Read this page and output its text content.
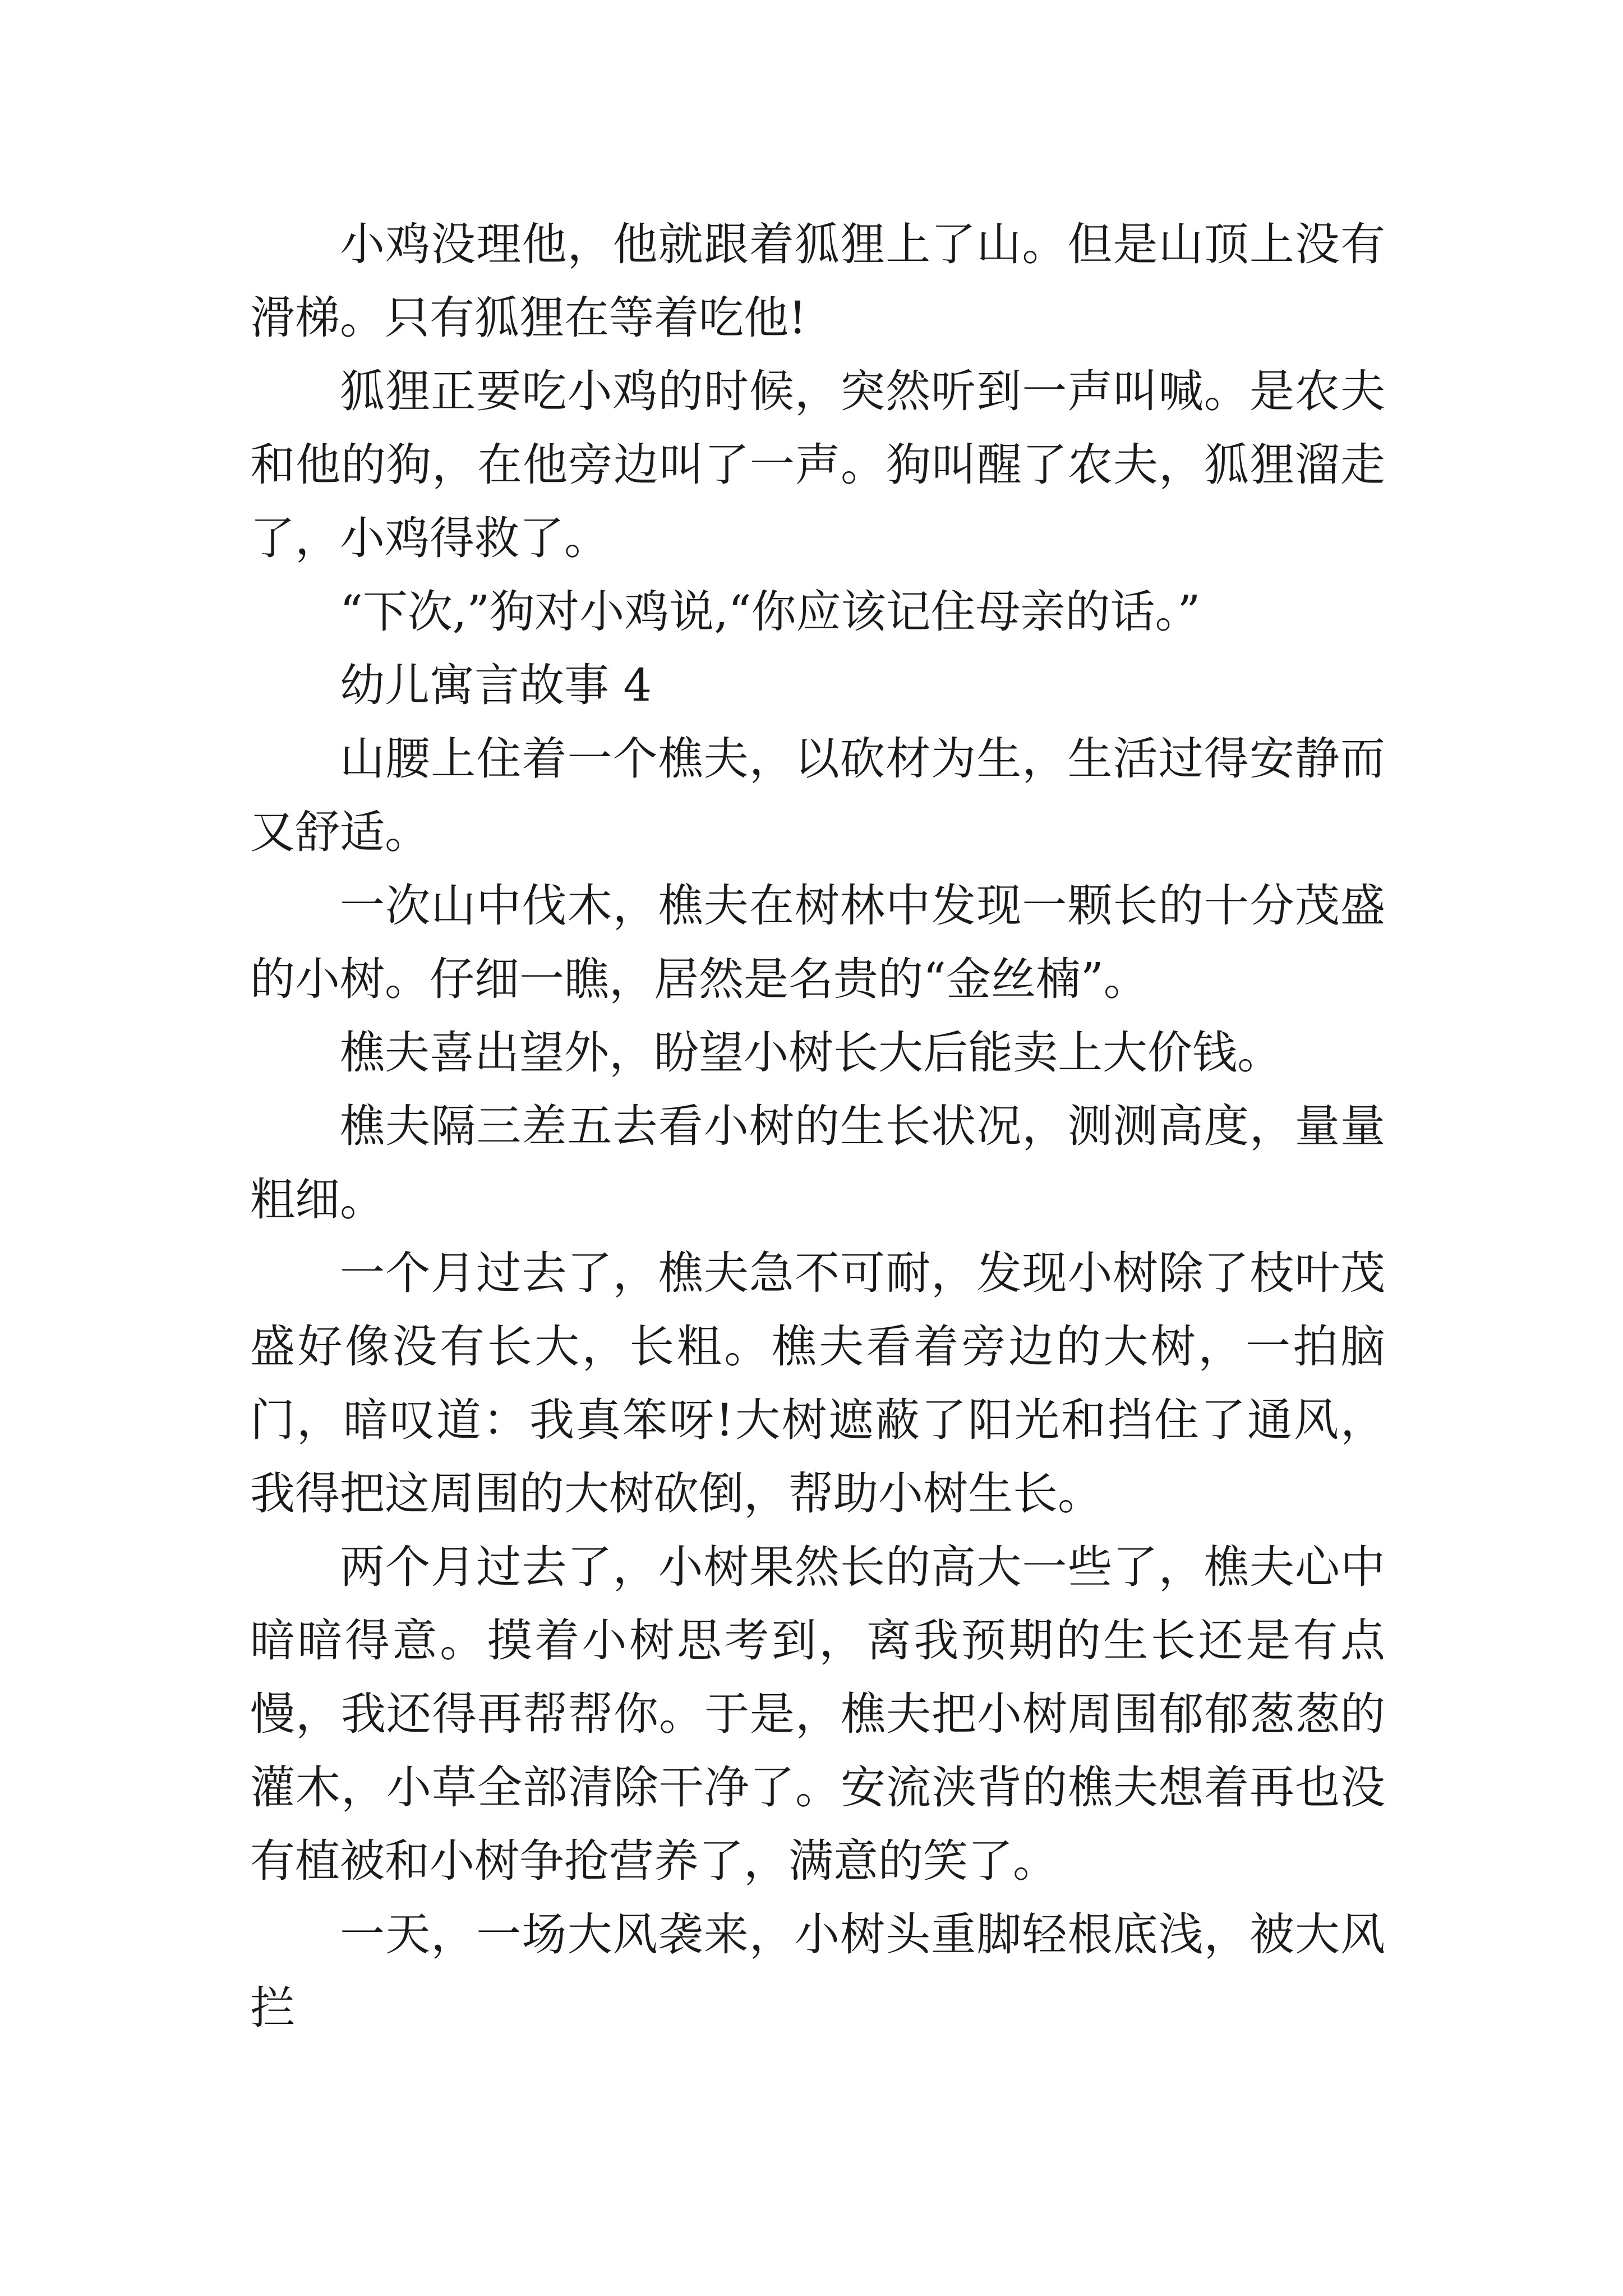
小鸡没理他，他就跟着狐狸上了山。但是山顶上没有滑梯。只有狐狸在等着吃他!

狐狸正要吃小鸡的时候，突然听到一声叫喊。是农夫和他的狗，在他旁边叫了一声。狗叫醒了农夫，狐狸溜走了，小鸡得救了。

“下次,”狗对小鸡说,“你应该记住母亲的话。”

幼儿寓言故事 4

山腰上住着一个樵夫，以砍材为生，生活过得安静而又舒适。

一次山中伐木，樵夫在树林中发现一颗长的十分茂盛的小树。仔细一瞧，居然是名贵的“金丝楠”。

樵夫喜出望外，盼望小树长大后能卖上大价钱。

樵夫隔三差五去看小树的生长状况，测测高度，量量粗细。

一个月过去了，樵夫急不可耐，发现小树除了枝叶茂盛好像没有长大，长粗。樵夫看着旁边的大树，一拍脑门，暗叹道：我真笨呀!大树遮蔽了阳光和挡住了通风，我得把这周围的大树砍倒，帮助小树生长。

两个月过去了，小树果然长的高大一些了，樵夫心中暗暗得意。摸着小树思考到，离我预期的生长还是有点慢，我还得再帮帮你。于是，樵夫把小树周围郁郁葱葱的灌木，小草全部清除干净了。安流浃背的樵夫想着再也没有植被和小树争抢营养了，满意的笑了。

一天，一场大风袭来，小树头重脚轻根底浅，被大风拦
